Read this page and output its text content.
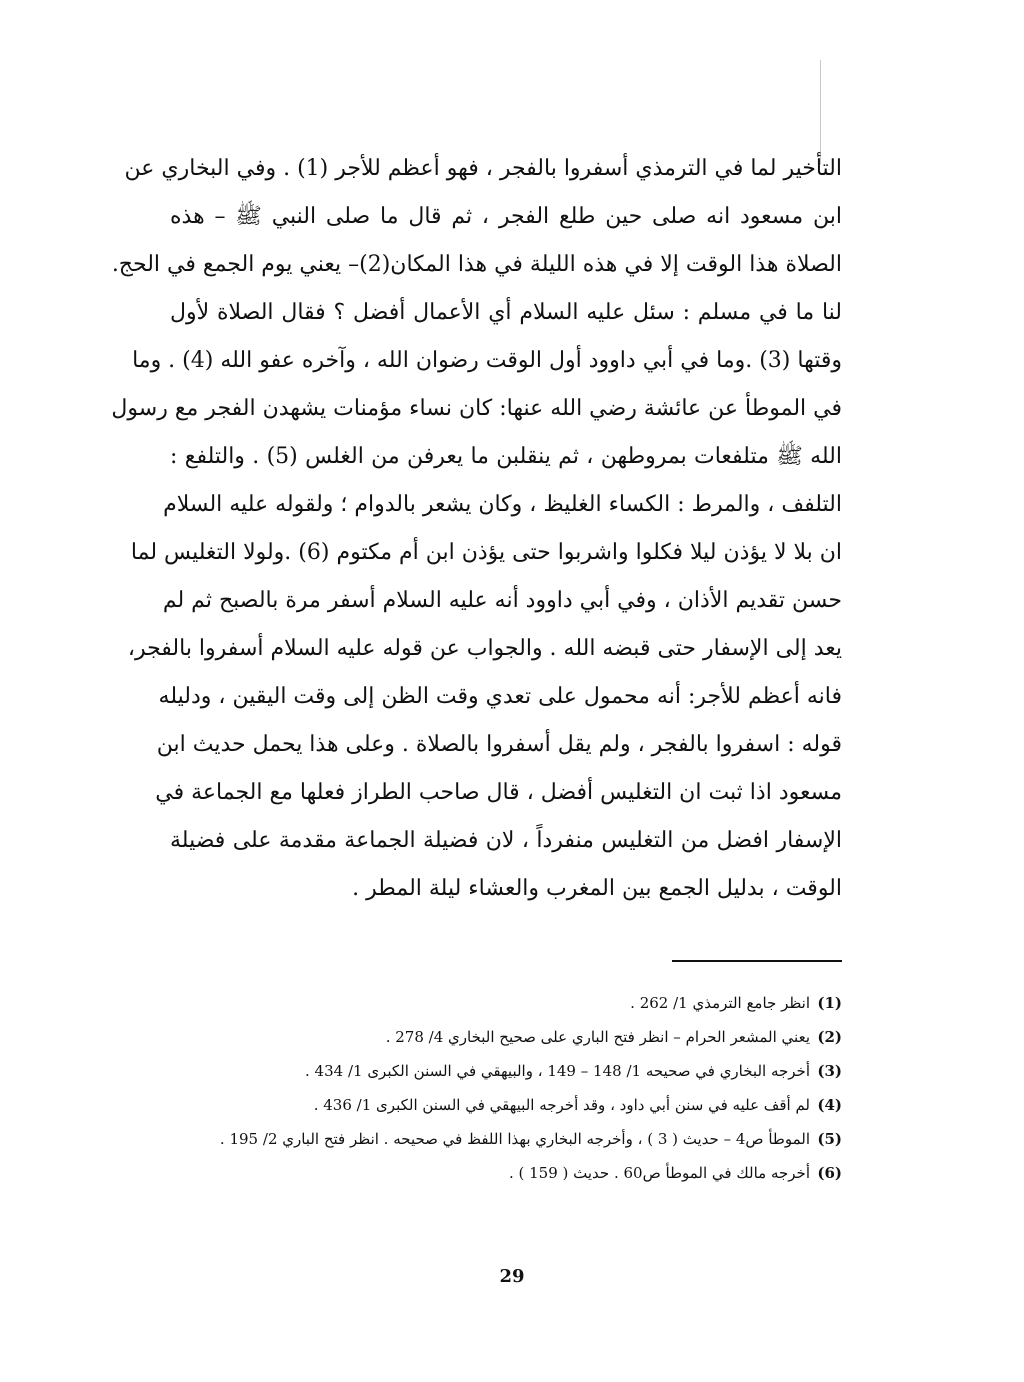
التأخير لما في الترمذي أسفروا بالفجر ، فهو أعظم للأجر (1) . وفي البخاري عن
ابن مسعود انه صلى حين طلع الفجر ، ثم قال ما صلى النبي ﷺ – هذه
الصلاة هذا الوقت إلا في هذه الليلة في هذا المكان(2)– يعني يوم الجمع في الحج.
لنا ما في مسلم : سئل عليه السلام أي الأعمال أفضل ؟ فقال الصلاة لأول
وقتها (3) .وما في أبي داوود أول الوقت رضوان الله ، وآخره عفو الله (4) . وما
في الموطأ عن عائشة رضي الله عنها: كان نساء مؤمنات يشهدن الفجر مع رسول
الله ﷺ متلفعات بمروطهن ، ثم ينقلبن ما يعرفن من الغلس (5) . والتلفع :
التلفف ، والمرط : الكساء الغليظ ، وكان يشعر بالدوام ؛ ولقوله عليه السلام
ان بلا لا يؤذن ليلا فكلوا واشربوا حتى يؤذن ابن أم مكتوم (6) .ولولا التغليس لما
حسن تقديم الأذان ، وفي أبي داوود أنه عليه السلام أسفر مرة بالصبح ثم لم
يعد إلى الإسفار حتى قبضه الله . والجواب عن قوله عليه السلام أسفروا بالفجر،
فانه أعظم للأجر: أنه محمول على تعدي وقت الظن إلى وقت اليقين ، ودليله
قوله : اسفروا بالفجر ، ولم يقل أسفروا بالصلاة . وعلى هذا يحمل حديث ابن
مسعود اذا ثبت ان التغليس أفضل ، قال صاحب الطراز فعلها مع الجماعة في
الإسفار افضل من التغليس منفرداً ، لان فضيلة الجماعة مقدمة على فضيلة
الوقت ، بدليل الجمع بين المغرب والعشاء ليلة المطر .
(1)
انظر جامع الترمذي 1/ 262 .
(2)
يعني المشعر الحرام – انظر فتح الباري على صحيح البخاري 4/ 278 .
(3)
أخرجه البخاري في صحيحه 1/ 148 – 149 ، والبيهقي في السنن الكبرى 1/ 434 .
(4)
لم أقف عليه في سنن أبي داود ، وقد أخرجه البيهقي في السنن الكبرى 1/ 436 .
(5)
الموطأ ص4 – حديث ( 3 ) ، وأخرجه البخاري بهذا اللفظ في صحيحه . انظر فتح الباري 2/ 195 .
(6)
أخرجه مالك في الموطأ ص60 . حديث ( 159 ) .
29
